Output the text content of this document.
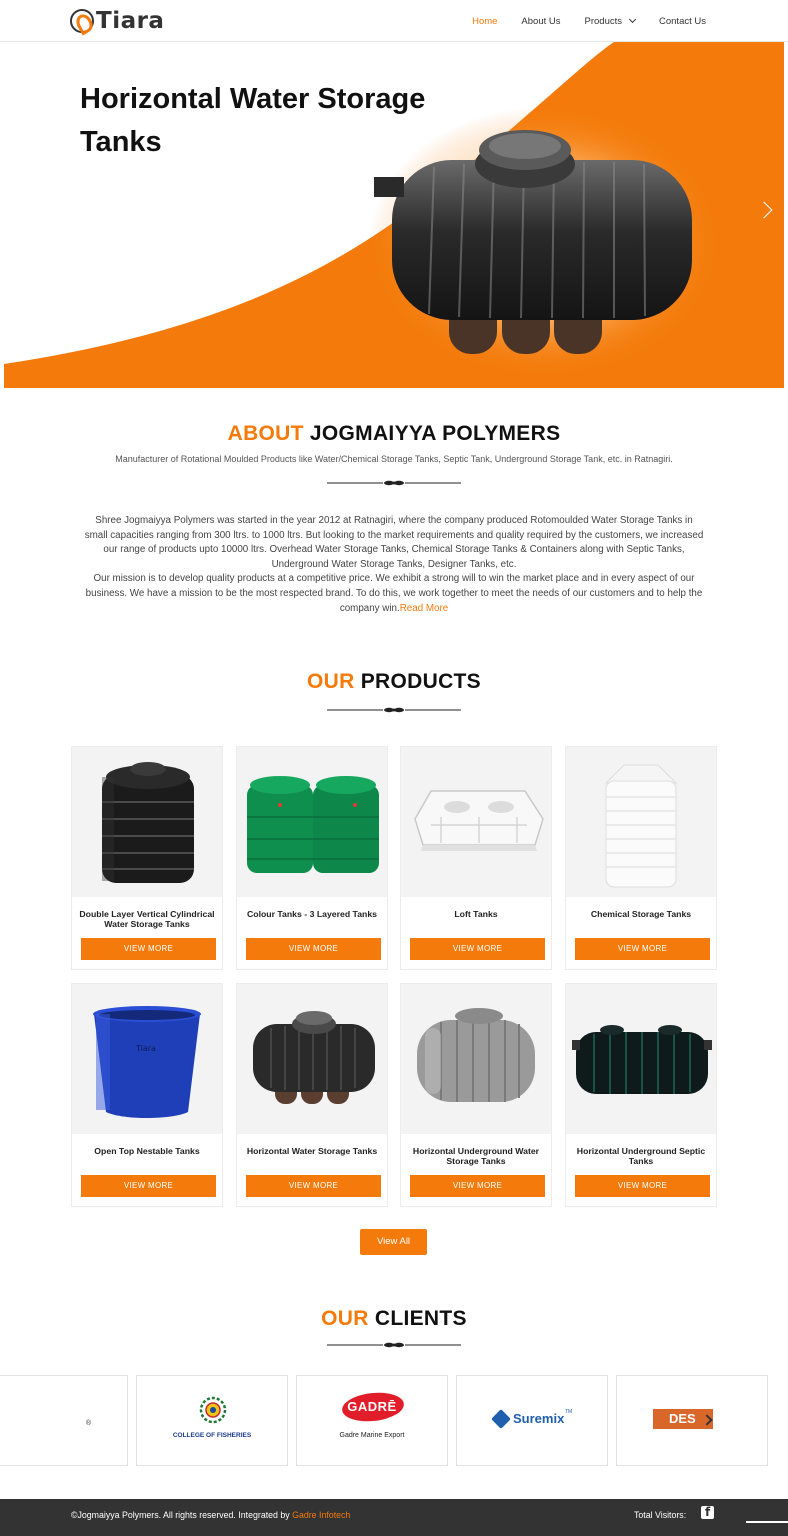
Tiara	Home	About Us	Products	Contact Us
Horizontal Water Storage Tanks
ABOUT JOGMAIYYA POLYMERS
Manufacturer of Rotational Moulded Products like Water/Chemical Storage Tanks, Septic Tank, Underground Storage Tank, etc. in Ratnagiri.
Shree Jogmaiyya Polymers was started in the year 2012 at Ratnagiri, where the company produced Rotomoulded Water Storage Tanks in small capacities ranging from 300 ltrs. to 1000 ltrs. But looking to the market requirements and quality required by the customers, we increased our range of products upto 10000 ltrs. Overhead Water Storage Tanks, Chemical Storage Tanks & Containers along with Septic Tanks, Underground Water Storage Tanks, Designer Tanks, etc.
Our mission is to develop quality products at a competitive price. We exhibit a strong will to win the market place and in every aspect of our business. We have a mission to be the most respected brand. To do this, we work together to meet the needs of our customers and to help the company win.Read More
OUR PRODUCTS
Double Layer Vertical Cylindrical Water Storage Tanks
VIEW MORE
Colour Tanks - 3 Layered Tanks
VIEW MORE
Loft Tanks
VIEW MORE
Chemical Storage Tanks
VIEW MORE
Tiara
Open Top Nestable Tanks
VIEW MORE
Horizontal Water Storage Tanks
VIEW MORE
Horizontal Underground Water Storage Tanks
VIEW MORE
Horizontal Underground Septic Tanks
VIEW MORE
View All
OUR CLIENTS
®
COLLEGE OF FISHERIES
GADRĒ
Gadre Marine Export
Suremix TM	DES
©Jogmaiyya Polymers. All rights reserved. Integrated by Gadre Infotech	Total Visitors:
f
